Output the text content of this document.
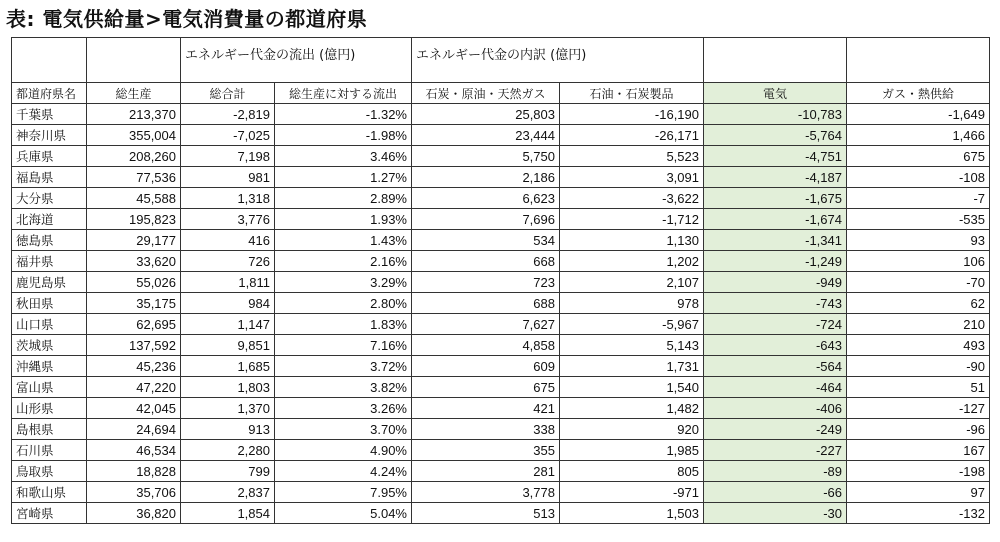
表: 電気供給量>電気消費量の都道府県
		エネルギー代金の流出 (億円)		エネルギー代金の内訳 (億円)			
都道府県名	総生産	総合計	総生産に対する流出	石炭・原油・天然ガス	石油・石炭製品	電気	ガス・熱供給
千葉県	213,370	-2,819	-1.32%	25,803	-16,190	-10,783	-1,649
神奈川県	355,004	-7,025	-1.98%	23,444	-26,171	-5,764	1,466
兵庫県	208,260	7,198	3.46%	5,750	5,523	-4,751	675
福島県	77,536	981	1.27%	2,186	3,091	-4,187	-108
大分県	45,588	1,318	2.89%	6,623	-3,622	-1,675	-7
北海道	195,823	3,776	1.93%	7,696	-1,712	-1,674	-535
徳島県	29,177	416	1.43%	534	1,130	-1,341	93
福井県	33,620	726	2.16%	668	1,202	-1,249	106
鹿児島県	55,026	1,811	3.29%	723	2,107	-949	-70
秋田県	35,175	984	2.80%	688	978	-743	62
山口県	62,695	1,147	1.83%	7,627	-5,967	-724	210
茨城県	137,592	9,851	7.16%	4,858	5,143	-643	493
沖縄県	45,236	1,685	3.72%	609	1,731	-564	-90
富山県	47,220	1,803	3.82%	675	1,540	-464	51
山形県	42,045	1,370	3.26%	421	1,482	-406	-127
島根県	24,694	913	3.70%	338	920	-249	-96
石川県	46,534	2,280	4.90%	355	1,985	-227	167
鳥取県	18,828	799	4.24%	281	805	-89	-198
和歌山県	35,706	2,837	7.95%	3,778	-971	-66	97
宮崎県	36,820	1,854	5.04%	513	1,503	-30	-132
